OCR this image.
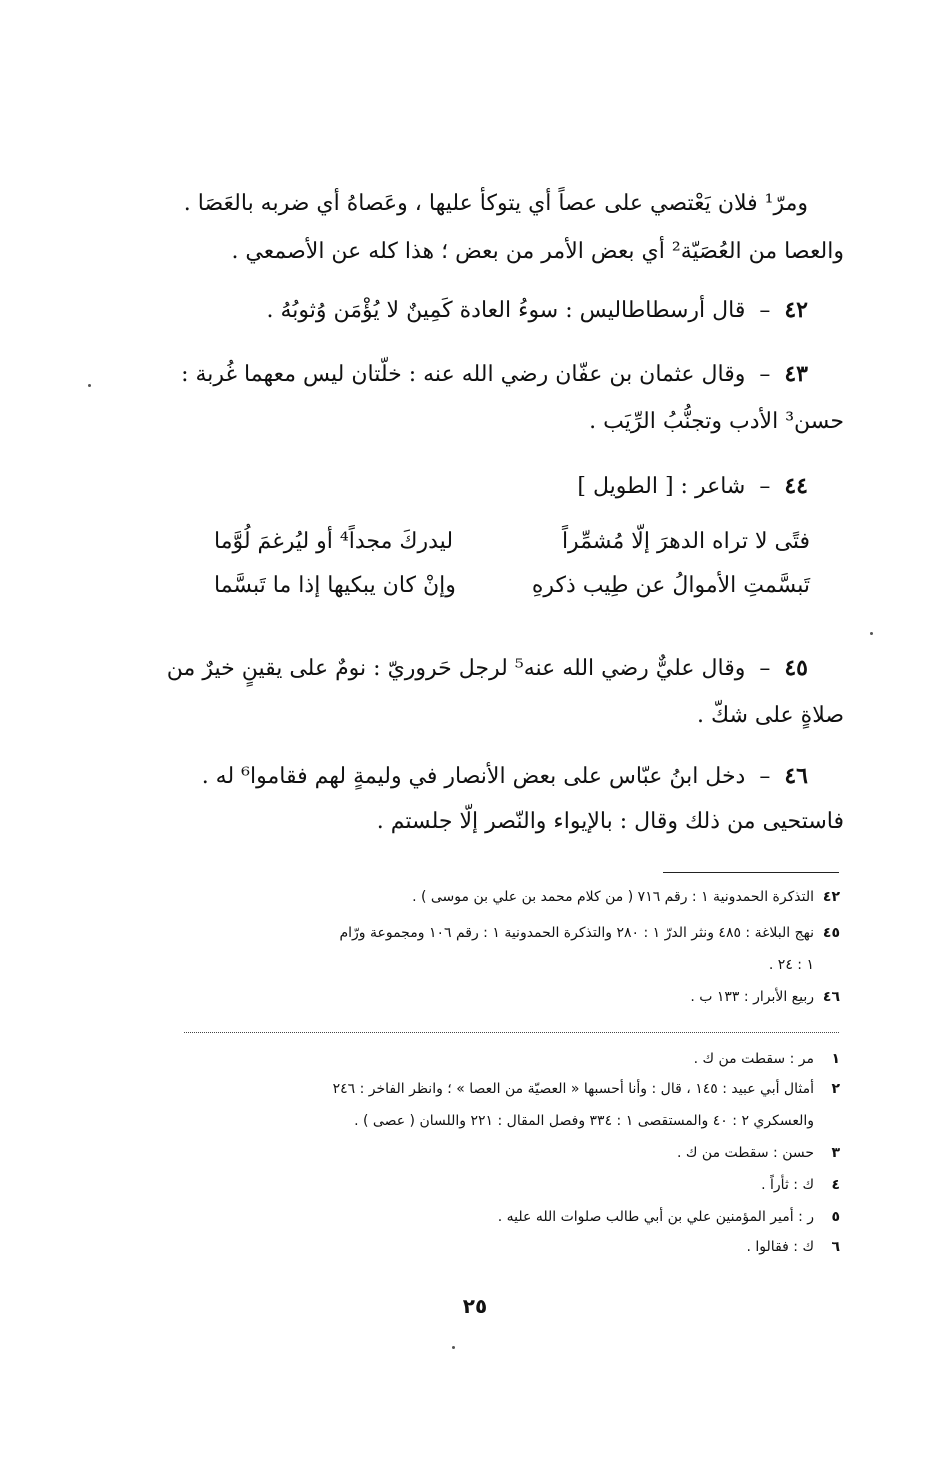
ومرّ¹ فلان يَعْتصي على عصاً أي يتوكأ عليها ، وعَصاهُ أي ضربه بالعَصَا .
والعصا من العُصَيّة² أي بعض الأمر من بعض ؛ هذا كله عن الأصمعي .
٤٢–قال أرسطاطاليس : سوءُ العادة كَمِينٌ لا يُؤْمَن وُثوبُهُ .
٤٣–وقال عثمان بن عفّان رضي الله عنه : خلّتان ليس معهما غُربة :
حسن³ الأدب وتجنُّبُ الرِّيَب .
٤٤–شاعر : [ الطويل ]
فتًى لا تراه الدهرَ إلّا مُشمِّراً
ليدركَ مجداً⁴ أو ليُرغمَ لُوَّما
تَبسَّمتِ الأموالُ عن طِيب ذكرهِ
وإنْ كان يبكيها إذا ما تَبسَّما
٤٥–وقال عليٌّ رضي الله عنه⁵ لرجل حَروريّ : نومٌ على يقينٍ خيرٌ من
صلاةٍ على شكّ .
٤٦–دخل ابنُ عبّاس على بعض الأنصار في وليمةٍ لهم فقاموا⁶ له .
فاستحيى من ذلك وقال : بالإيواء والنّصر إلّا جلستم .
٤٢التذكرة الحمدونية ١ : رقم ٧١٦ ( من كلام محمد بن علي بن موسى ) .
٤٥نهج البلاغة : ٤٨٥ ونثر الدرّ ١ : ٢٨٠ والتذكرة الحمدونية ١ : رقم ١٠٦ ومجموعة ورّام
١ : ٢٤ .
٤٦ربيع الأبرار : ١٣٣ ب .
١مر : سقطت من ك .
٢أمثال أبي عبيد : ١٤٥ ، قال : وأنا أحسبها « العصيّة من العصا » ؛ وانظر الفاخر : ٢٤٦
والعسكري ٢ : ٤٠ والمستقصى ١ : ٣٣٤ وفصل المقال : ٢٢١ واللسان ( عصى ) .
٣حسن : سقطت من ك .
٤ك : ثأراً .
٥ر : أمير المؤمنين علي بن أبي طالب صلوات الله عليه .
٦ك : فقالوا .
٢٥
